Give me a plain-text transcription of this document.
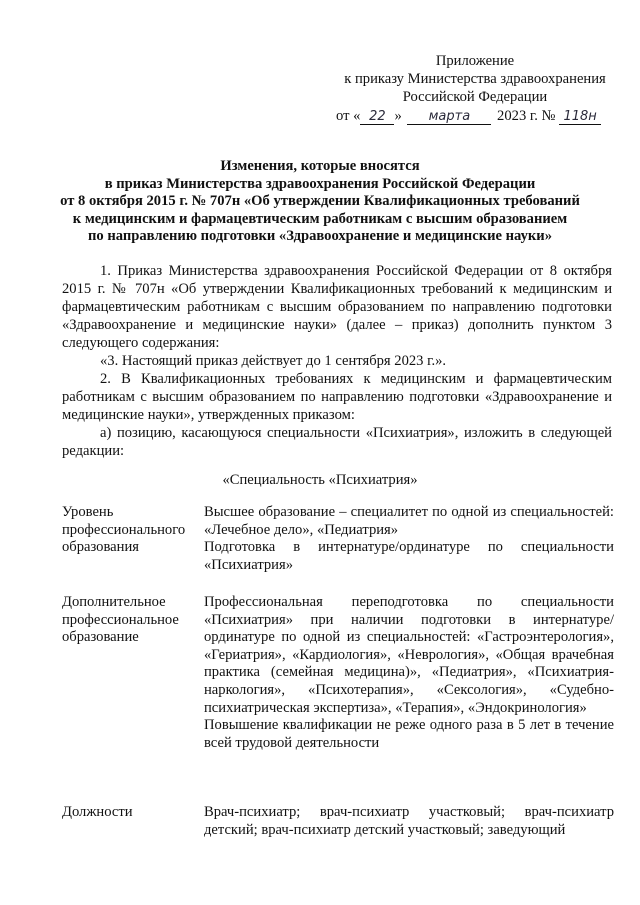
Приложение
к приказу Министерства здравоохранения
Российской Федерации
от « 22 » марта 2023 г. № 118н
Изменения, которые вносятся
в приказ Министерства здравоохранения Российской Федерации
от 8 октября 2015 г. № 707н «Об утверждении Квалификационных требований
к медицинским и фармацевтическим работникам с высшим образованием
по направлению подготовки «Здравоохранение и медицинские науки»

1. Приказ Министерства здравоохранения Российской Федерации от 8 октября 2015 г. № 707н «Об утверждении Квалификационных требований к медицинским и фармацевтическим работникам с высшим образованием по направлению подготовки «Здравоохранение и медицинские науки» (далее – приказ) дополнить пунктом 3 следующего содержания:

«3. Настоящий приказ действует до 1 сентября 2023 г.».

2. В Квалификационных требованиях к медицинским и фармацевтическим работникам с высшим образованием по направлению подготовки «Здравоохранение и медицинские науки», утвержденных приказом:

а) позицию, касающуюся специальности «Психиатрия», изложить в следующей редакции:

«Специальность «Психиатрия»
Уровень профессионального образования

Высшее образование – специалитет по одной из специальностей: «Лечебное дело», «Педиатрия»

Подготовка в интернатуре/ординатуре по специальности «Психиатрия»

Дополнительное профессиональное образование

Профессиональная переподготовка по специальности «Психиатрия» при наличии подготовки в интернатуре/ординатуре по одной из специальностей: «Гастроэнтерология», «Гериатрия», «Кардиология», «Неврология», «Общая врачебная практика (семейная медицина)», «Педиатрия», «Психиатрия-наркология», «Психотерапия», «Сексология», «Судебно-психиатрическая экспертиза», «Терапия», «Эндокринология»

Повышение квалификации не реже одного раза в 5 лет в течение всей трудовой деятельности

Должности	Врач-психиатр; врач-психиатр участковый; врач-психиатр детский; врач-психиатр детский участковый; заведующий
